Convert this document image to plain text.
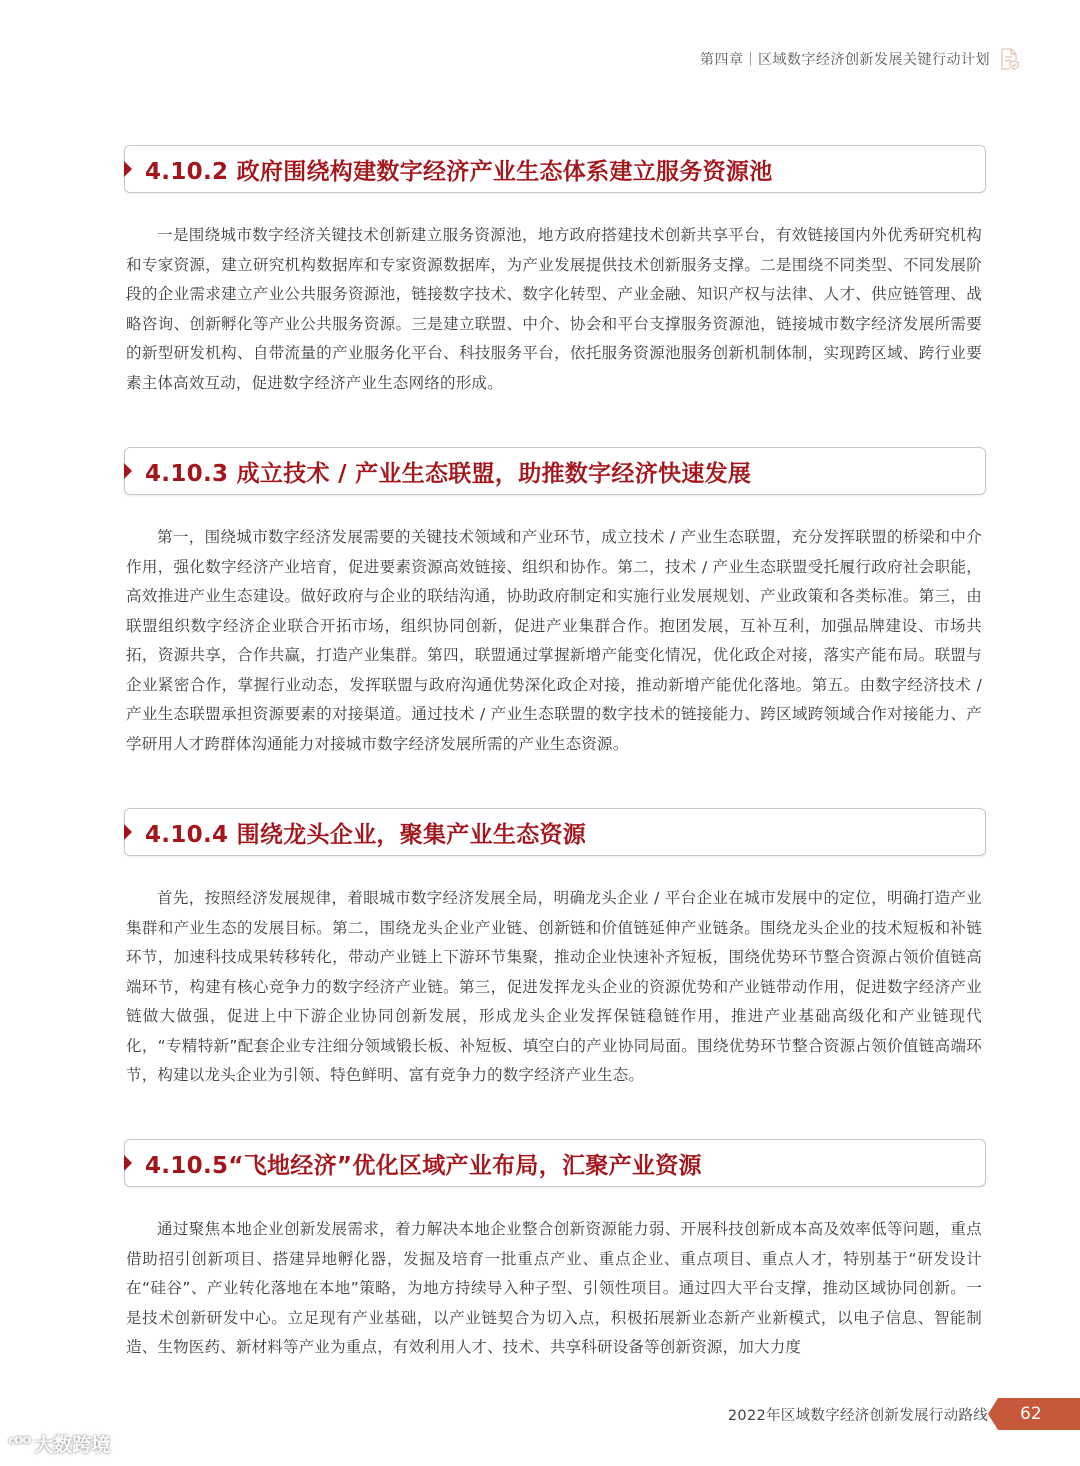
第四章｜区域数字经济创新发展关键行动计划
4.10.2 政府围绕构建数字经济产业生态体系建立服务资源池

一是围绕城市数字经济关键技术创新建立服务资源池，地方政府搭建技术创新共享平台，有效链接国内外优秀研究机构和专家资源，建立研究机构数据库和专家资源数据库，为产业发展提供技术创新服务支撑。二是围绕不同类型、不同发展阶段的企业需求建立产业公共服务资源池，链接数字技术、数字化转型、产业金融、知识产权与法律、人才、供应链管理、战略咨询、创新孵化等产业公共服务资源。三是建立联盟、中介、协会和平台支撑服务资源池，链接城市数字经济发展所需要的新型研发机构、自带流量的产业服务化平台、科技服务平台，依托服务资源池服务创新机制体制，实现跨区域、跨行业要素主体高效互动，促进数字经济产业生态网络的形成。

4.10.3 成立技术 / 产业生态联盟，助推数字经济快速发展

第一，围绕城市数字经济发展需要的关键技术领域和产业环节，成立技术 / 产业生态联盟，充分发挥联盟的桥梁和中介作用，强化数字经济产业培育，促进要素资源高效链接、组织和协作。第二，技术 / 产业生态联盟受托履行政府社会职能，高效推进产业生态建设。做好政府与企业的联结沟通，协助政府制定和实施行业发展规划、产业政策和各类标准。第三，由联盟组织数字经济企业联合开拓市场，组织协同创新，促进产业集群合作。抱团发展，互补互利，加强品牌建设、市场共拓，资源共享，合作共赢，打造产业集群。第四，联盟通过掌握新增产能变化情况，优化政企对接，落实产能布局。联盟与企业紧密合作，掌握行业动态，发挥联盟与政府沟通优势深化政企对接，推动新增产能优化落地。第五。由数字经济技术 / 产业生态联盟承担资源要素的对接渠道。通过技术 / 产业生态联盟的数字技术的链接能力、跨区域跨领域合作对接能力、产学研用人才跨群体沟通能力对接城市数字经济发展所需的产业生态资源。

4.10.4 围绕龙头企业，聚集产业生态资源

首先，按照经济发展规律，着眼城市数字经济发展全局，明确龙头企业 / 平台企业在城市发展中的定位，明确打造产业集群和产业生态的发展目标。第二，围绕龙头企业产业链、创新链和价值链延伸产业链条。围绕龙头企业的技术短板和补链环节，加速科技成果转移转化，带动产业链上下游环节集聚，推动企业快速补齐短板，围绕优势环节整合资源占领价值链高端环节，构建有核心竞争力的数字经济产业链。第三，促进发挥龙头企业的资源优势和产业链带动作用，促进数字经济产业链做大做强，促进上中下游企业协同创新发展，形成龙头企业发挥保链稳链作用，推进产业基础高级化和产业链现代化，“专精特新”配套企业专注细分领域锻长板、补短板、填空白的产业协同局面。围绕优势环节整合资源占领价值链高端环节，构建以龙头企业为引领、特色鲜明、富有竞争力的数字经济产业生态。

4.10.5“飞地经济”优化区域产业布局，汇聚产业资源

通过聚焦本地企业创新发展需求，着力解决本地企业整合创新资源能力弱、开展科技创新成本高及效率低等问题，重点借助招引创新项目、搭建异地孵化器，发掘及培育一批重点产业、重点企业、重点项目、重点人才，特别基于“研发设计在“硅谷”、产业转化落地在本地”策略，为地方持续导入种子型、引领性项目。通过四大平台支撑，推动区域协同创新。一是技术创新研发中心。立足现有产业基础，以产业链契合为切入点，积极拓展新业态新产业新模式，以电子信息、智能制造、生物医药、新材料等产业为重点，有效利用人才、技术、共享科研设备等创新资源，加大力度

2022年区域数字经济创新发展行动路线 62
ᶜᴼᴼ 大数跨境
